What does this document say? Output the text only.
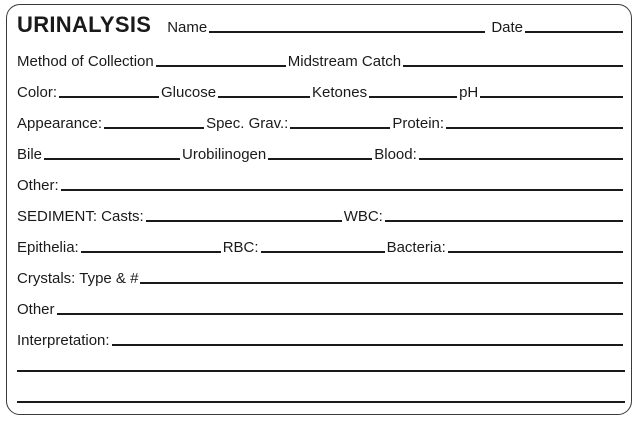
URINALYSIS Name	Date
Method of Collection	Midstream Catch
Color:	Glucose	Ketones	pH
Appearance:	Spec. Grav.:	Protein:
Bile	Urobilinogen	Blood:
Other:
SEDIMENT: Casts:	WBC:
Epithelia:	RBC:	Bacteria:
Crystals: Type & #
Other
Interpretation:
